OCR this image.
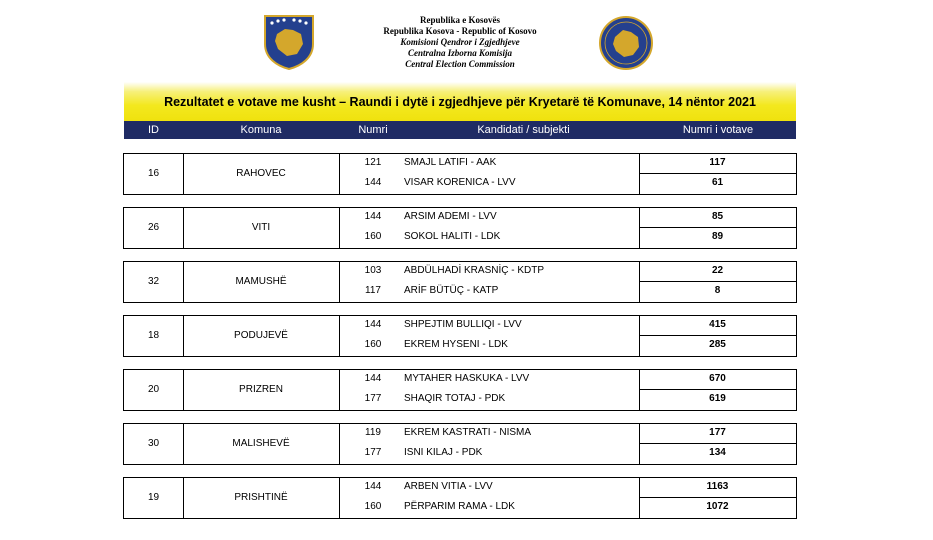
Republika e Kosovës
Republika Kosova - Republic of Kosovo
Komisioni Qendror i Zgjedhjeve
Centralna Izborna Komisija
Central Election Commission
Rezultatet e votave me kusht – Raundi i dytë i zgjedhjeve për Kryetarë të Komunave, 14 nëntor 2021
ID	Komuna	Numri	Kandidati / subjekti	Numri i votave
16	RAHOVEC
121	SMAJL LATIFI - AAK	117
144	VISAR KORENICA - LVV	61
26	VITI
144	ARSIM ADEMI - LVV	85
160	SOKOL HALITI - LDK	89
32	MAMUSHË
103	ABDÜLHADİ KRASNİÇ - KDTP	22
117	ARİF BÜTÜÇ - KATP	8
18	PODUJEVË
144	SHPEJTIM BULLIQI - LVV	415
160	EKREM HYSENI - LDK	285
20	PRIZREN
144	MYTAHER HASKUKA - LVV	670
177	SHAQIR TOTAJ - PDK	619
30	MALISHEVË
119	EKREM KASTRATI - NISMA	177
177	ISNI KILAJ - PDK	134
19	PRISHTINË
144	ARBEN VITIA - LVV	1163
160	PËRPARIM RAMA - LDK	1072
